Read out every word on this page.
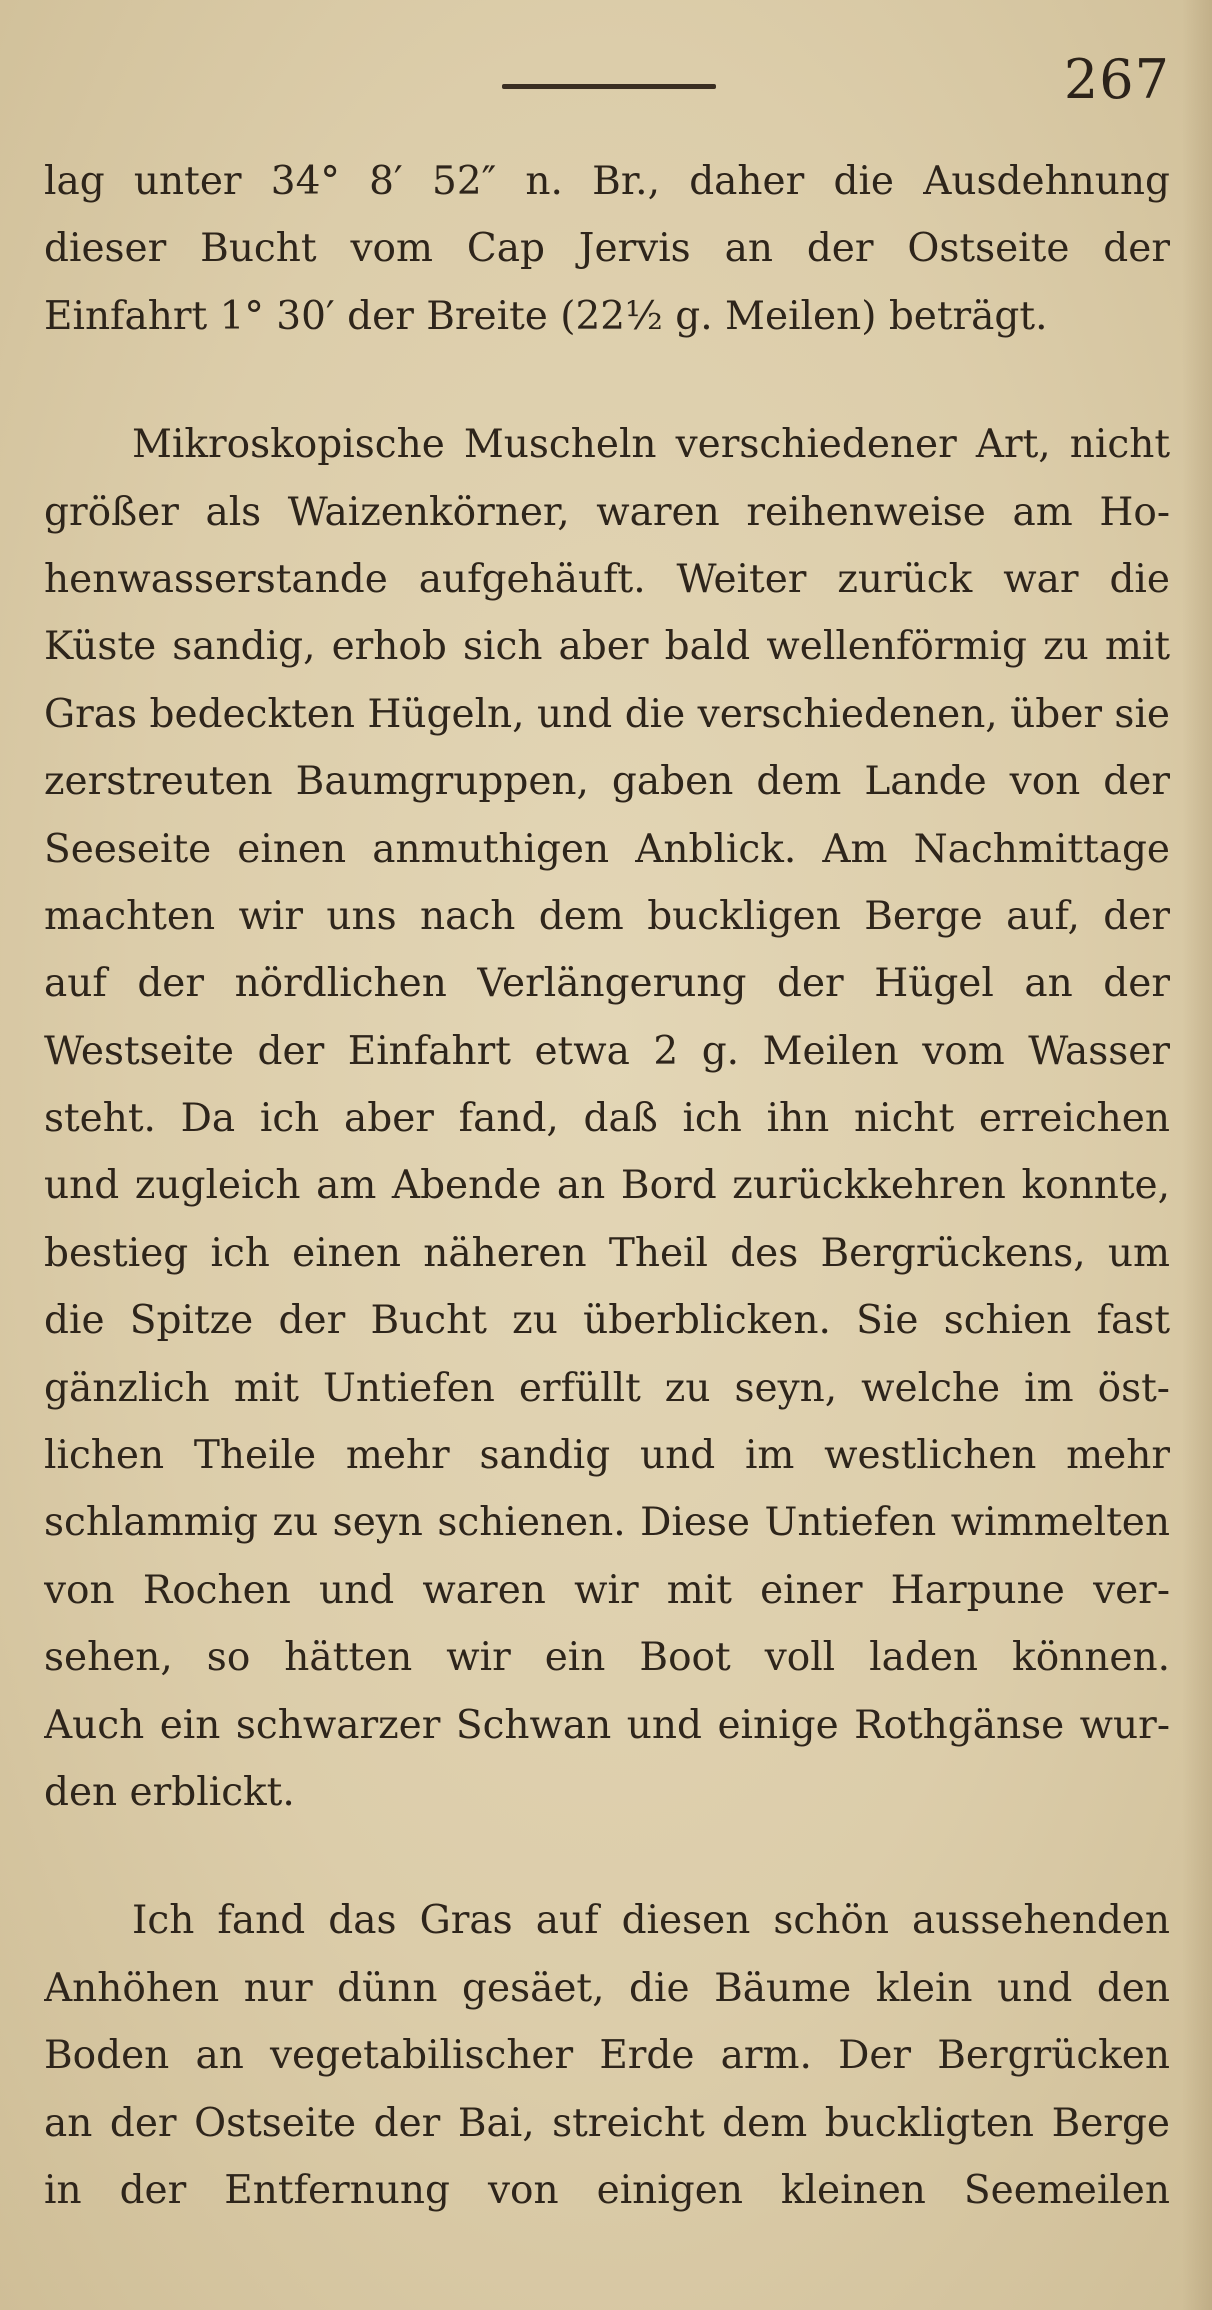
267
lag unter 34° 8′ 52″ n. Br., daher die Ausdehnung
dieser Bucht vom Cap Jervis an der Ostseite der
Einfahrt 1° 30′ der Breite (22½ g. Meilen) beträgt.
Mikroskopische Muscheln verschiedener Art, nicht
größer als Waizenkörner, waren reihenweise am Ho-
henwasserstande aufgehäuft. Weiter zurück war die
Küste sandig, erhob sich aber bald wellenförmig zu mit
Gras bedeckten Hügeln, und die verschiedenen, über sie
zerstreuten Baumgruppen, gaben dem Lande von der
Seeseite einen anmuthigen Anblick. Am Nachmittage
machten wir uns nach dem buckligen Berge auf, der
auf der nördlichen Verlängerung der Hügel an der
Westseite der Einfahrt etwa 2 g. Meilen vom Wasser
steht. Da ich aber fand, daß ich ihn nicht erreichen
und zugleich am Abende an Bord zurückkehren konnte,
bestieg ich einen näheren Theil des Bergrückens, um
die Spitze der Bucht zu überblicken. Sie schien fast
gänzlich mit Untiefen erfüllt zu seyn, welche im öst-
lichen Theile mehr sandig und im westlichen mehr
schlammig zu seyn schienen. Diese Untiefen wimmelten
von Rochen und waren wir mit einer Harpune ver-
sehen, so hätten wir ein Boot voll laden können.
Auch ein schwarzer Schwan und einige Rothgänse wur-
den erblickt.
Ich fand das Gras auf diesen schön aussehenden
Anhöhen nur dünn gesäet, die Bäume klein und den
Boden an vegetabilischer Erde arm. Der Bergrücken
an der Ostseite der Bai, streicht dem buckligten Berge
in der Entfernung von einigen kleinen Seemeilen
